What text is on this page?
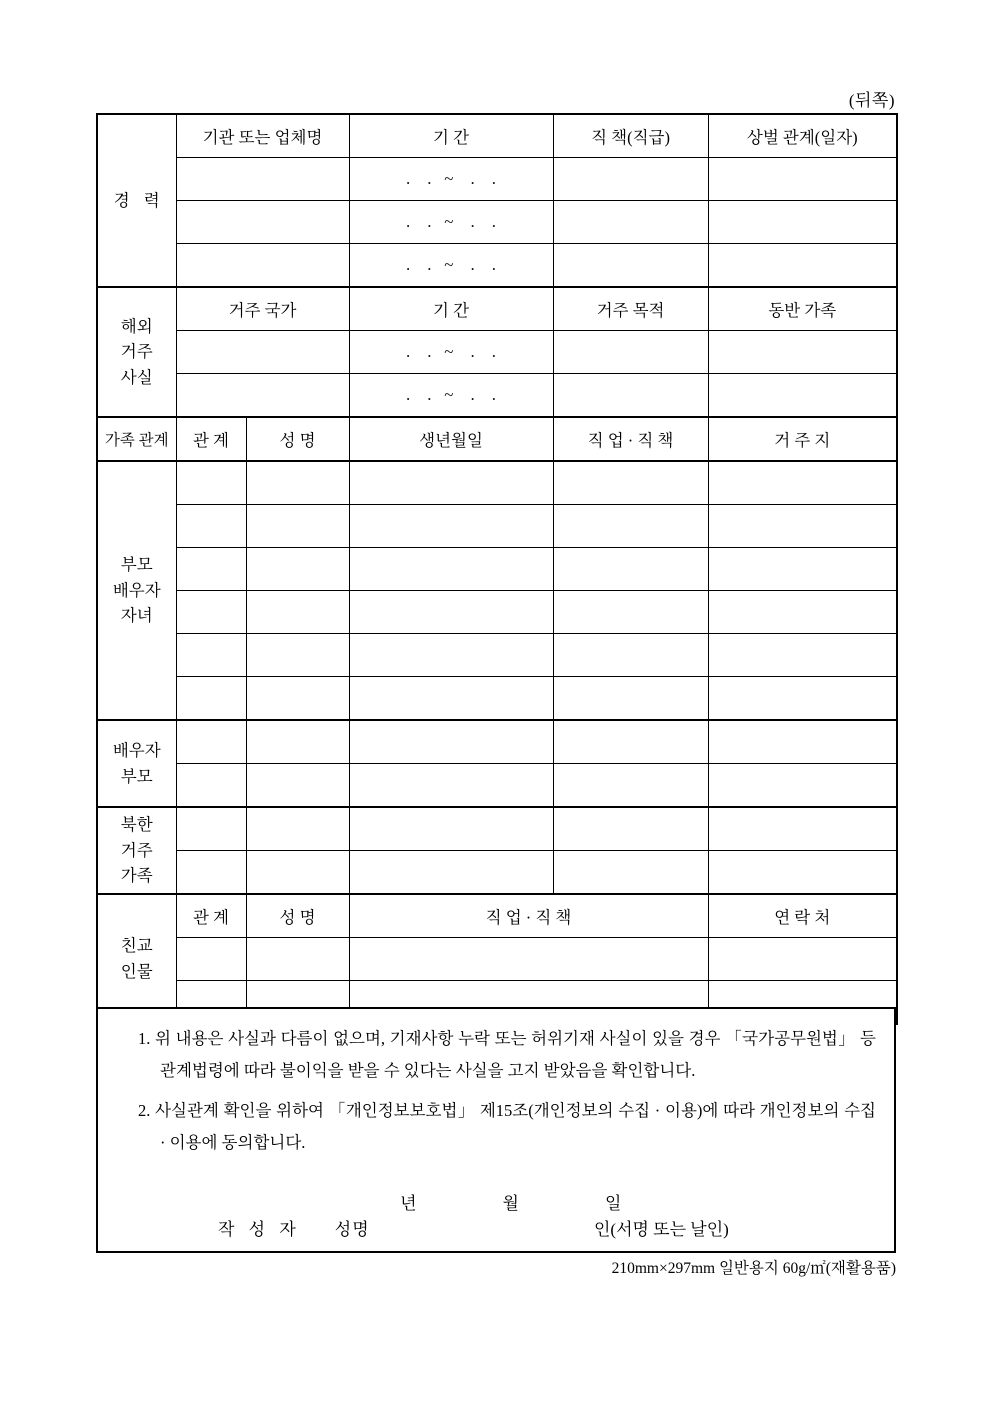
(뒤쪽)
경 력	기관 또는 업체명		기 간	직 책(직급)	상벌 관계(일자)
			.    .   ~    .    .		
			.    .   ~    .    .		
			.    .   ~    .    .		

해외
거주
사실	거주 국가		기 간	거주 목적	동반 가족
			.    .   ~    .    .		
			.    .   ~    .    .		
가족 관계	관 계	성 명	생년월일	직 업 · 직 책	거 주 지

부모
배우자
자녀					

배우자
부모					

북한
거주
가족					

친교
인물	관 계	성 명	직 업 · 직 책		연 락 처

1. 위 내용은 사실과 다름이 없으며, 기재사항 누락 또는 허위기재 사실이 있을 경우 「국가공무원법」 등 관계법령에 따라 불이익을 받을 수 있다는 사실을 고지 받았음을 확인합니다.
2. 사실관계 확인을 위하여 「개인정보보호법」 제15조(개인정보의 수집 · 이용)에 따라 개인정보의 수집 · 이용에 동의합니다.

년	월	일

작 성 자 성명	인(서명 또는 날인)
210mm×297mm 일반용지 60g/㎡(재활용품)
